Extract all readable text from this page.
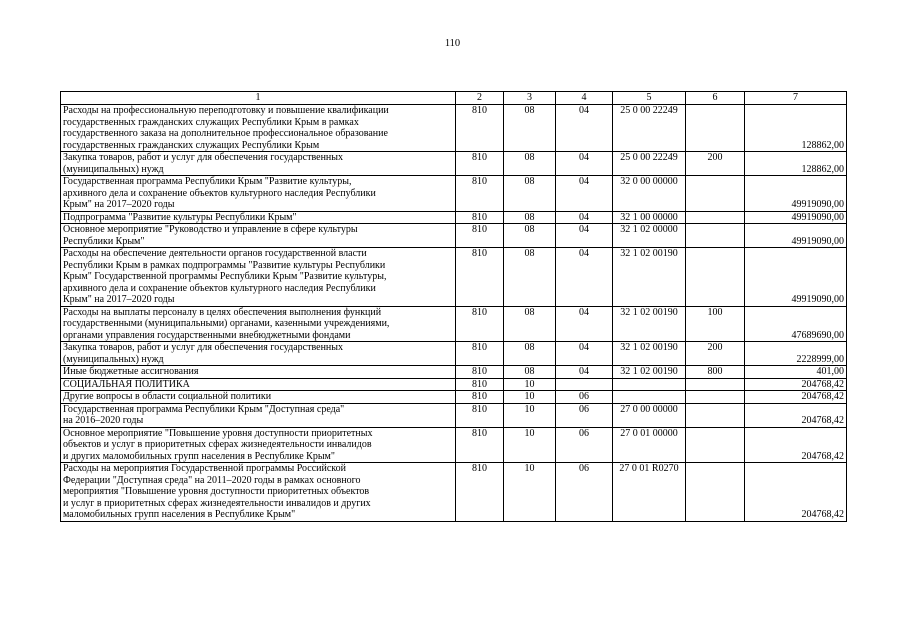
110
1	2	3	4	5	6	7
Расходы на профессиональную переподготовку и повышение квалификации
государственных гражданских служащих Республики Крым в рамках
государственного заказа на дополнительное профессиональное образование
государственных гражданских служащих Республики Крым	810	08	04	25 0 00 22249		128862,00
Закупка товаров, работ и услуг для обеспечения государственных
(муниципальных) нужд	810	08	04	25 0 00 22249	200	128862,00
Государственная программа Республики Крым "Развитие культуры,
архивного дела и сохранение объектов культурного наследия Республики
Крым" на 2017–2020 годы	810	08	04	32 0 00 00000		49919090,00
Подпрограмма "Развитие культуры Республики Крым"	810	08	04	32 1 00 00000		49919090,00
Основное мероприятие "Руководство и управление в сфере культуры
Республики Крым"	810	08	04	32 1 02 00000		49919090,00
Расходы на обеспечение деятельности органов государственной власти
Республики Крым в рамках подпрограммы "Развитие культуры Республики
Крым" Государственной программы Республики Крым "Развитие культуры,
архивного дела и сохранение объектов культурного наследия Республики
Крым" на 2017–2020 годы	810	08	04	32 1 02 00190		49919090,00
Расходы на выплаты персоналу в целях обеспечения выполнения функций
государственными (муниципальными) органами, казенными учреждениями,
органами управления государственными внебюджетными фондами	810	08	04	32 1 02 00190	100	47689690,00
Закупка товаров, работ и услуг для обеспечения государственных
(муниципальных) нужд	810	08	04	32 1 02 00190	200	2228999,00
Иные бюджетные ассигнования	810	08	04	32 1 02 00190	800	401,00
СОЦИАЛЬНАЯ ПОЛИТИКА	810	10				204768,42
Другие вопросы в области социальной политики	810	10	06			204768,42
Государственная программа Республики Крым "Доступная среда"
на 2016–2020 годы	810	10	06	27 0 00 00000		204768,42
Основное мероприятие "Повышение уровня доступности приоритетных
объектов и услуг в приоритетных сферах жизнедеятельности инвалидов
и других маломобильных групп населения в Республике Крым"	810	10	06	27 0 01 00000		204768,42
Расходы на мероприятия Государственной программы Российской
Федерации "Доступная среда" на 2011–2020 годы в рамках основного
мероприятия "Повышение уровня доступности приоритетных объектов
и услуг в приоритетных сферах жизнедеятельности инвалидов и других
маломобильных групп населения в Республике Крым"	810	10	06	27 0 01 R0270		204768,42
